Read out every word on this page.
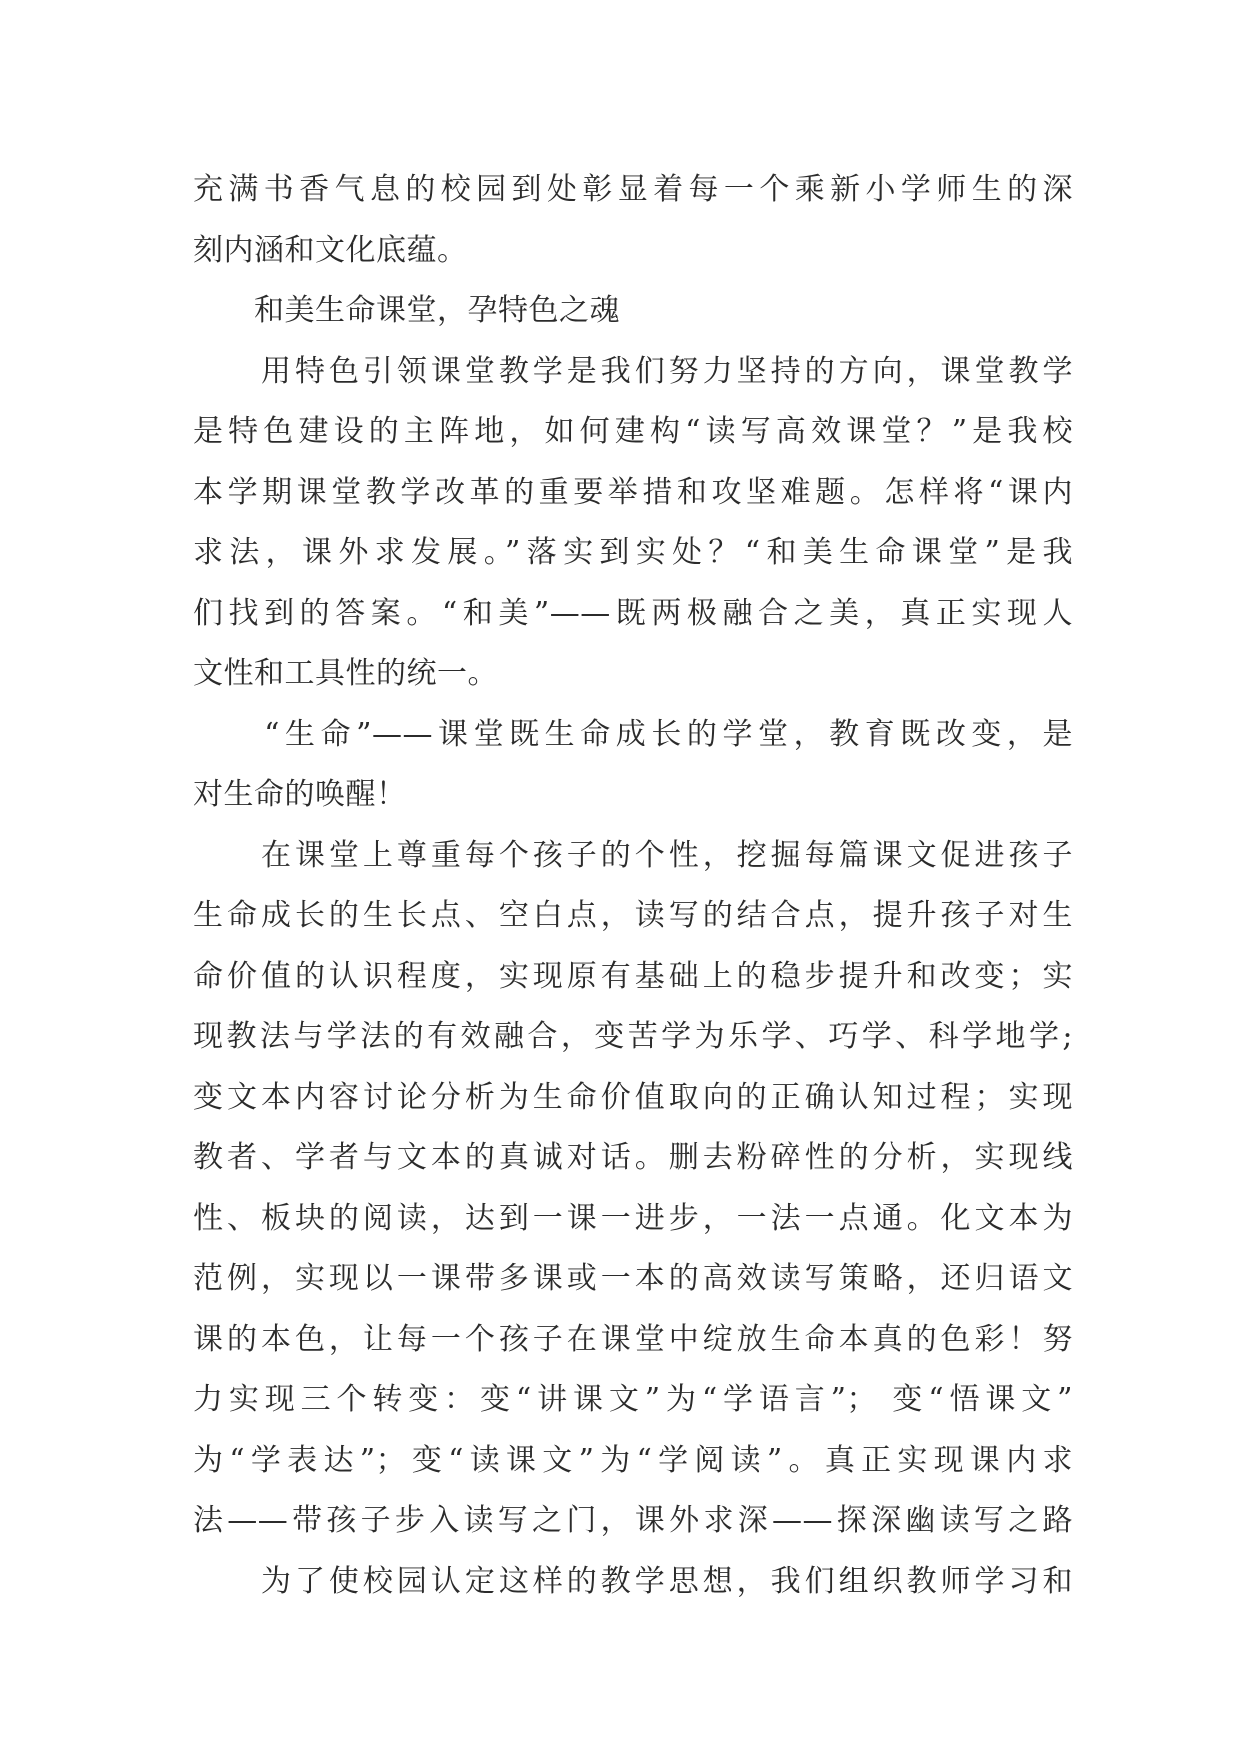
充满书香气息的校园到处彰显着每一个乘新小学师生的深
刻内涵和文化底蕴。
　　和美生命课堂，孕特色之魂
　　用特色引领课堂教学是我们努力坚持的方向，课堂教学
是特色建设的主阵地，如何建构“读写高效课堂？”是我校
本学期课堂教学改革的重要举措和攻坚难题。怎样将“课内
求法，课外求发展。”落实到实处？“和美生命课堂”是我
们找到的答案。“和美”——既两极融合之美，真正实现人
文性和工具性的统一。
　　“生命”——课堂既生命成长的学堂，教育既改变，是
对生命的唤醒！
　　在课堂上尊重每个孩子的个性，挖掘每篇课文促进孩子
生命成长的生长点、空白点，读写的结合点，提升孩子对生
命价值的认识程度，实现原有基础上的稳步提升和改变；实
现教法与学法的有效融合，变苦学为乐学、巧学、科学地学;
变文本内容讨论分析为生命价值取向的正确认知过程；实现
教者、学者与文本的真诚对话。删去粉碎性的分析，实现线
性、板块的阅读，达到一课一进步，一法一点通。化文本为
范例，实现以一课带多课或一本的高效读写策略，还归语文
课的本色，让每一个孩子在课堂中绽放生命本真的色彩！努
力实现三个转变：变“讲课文”为“学语言”； 变“悟课文”
为“学表达”；变“读课文”为“学阅读”。真正实现课内求
法——带孩子步入读写之门，课外求深——探深幽读写之路
　　为了使校园认定这样的教学思想，我们组织教师学习和
